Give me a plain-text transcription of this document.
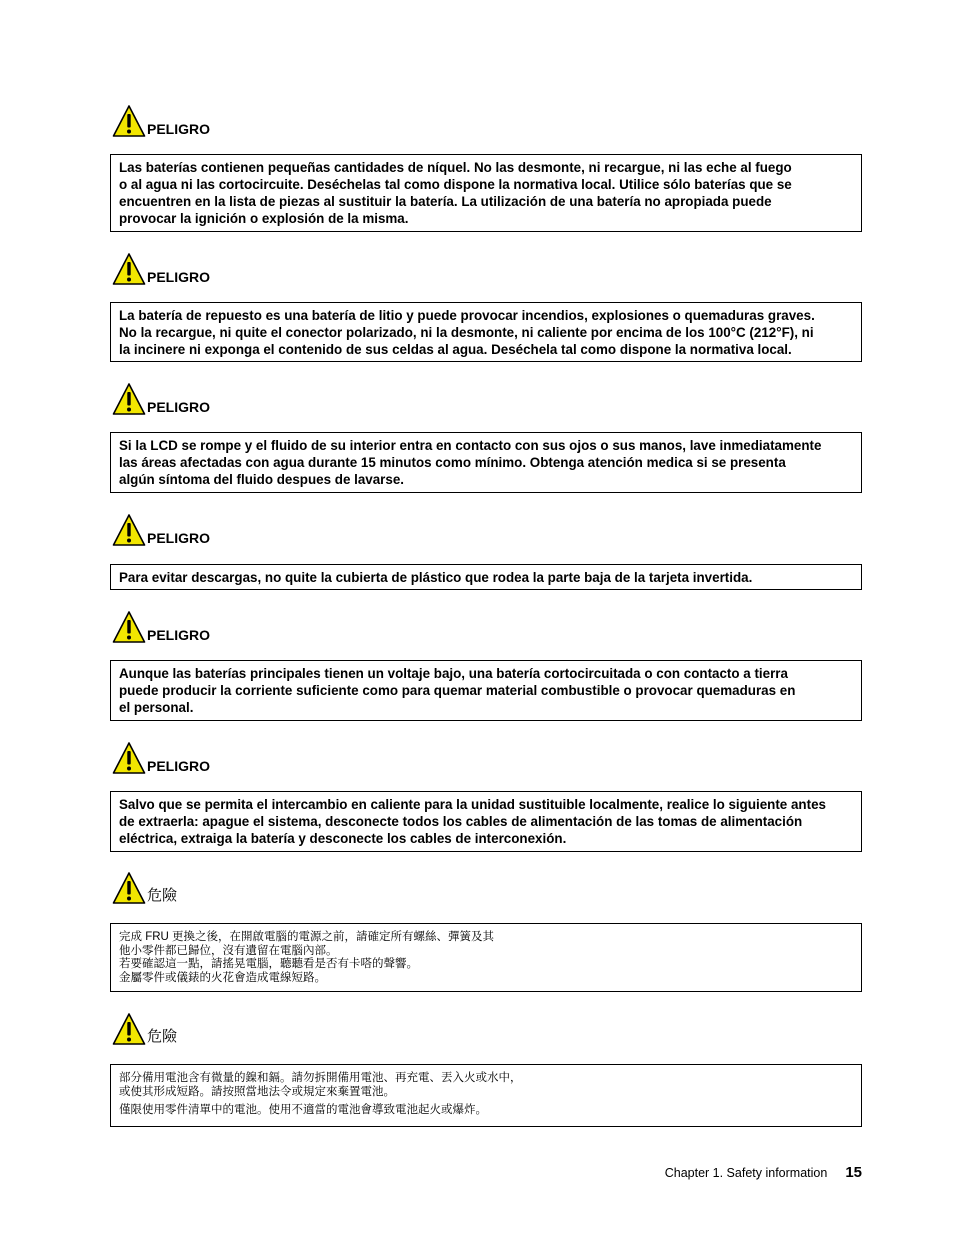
PELIGRO
Las baterías contienen pequeñas cantidades de níquel. No las desmonte, ni recargue, ni las eche al fuego
o al agua ni las cortocircuite. Deséchelas tal como dispone la normativa local. Utilice sólo baterías que se
encuentren en la lista de piezas al sustituir la batería. La utilización de una batería no apropiada puede
provocar la ignición o explosión de la misma.
PELIGRO
La batería de repuesto es una batería de litio y puede provocar incendios, explosiones o quemaduras graves.
No la recargue, ni quite el conector polarizado, ni la desmonte, ni caliente por encima de los 100°C (212°F), ni
la incinere ni exponga el contenido de sus celdas al agua. Deséchela tal como dispone la normativa local.
PELIGRO
Si la LCD se rompe y el fluido de su interior entra en contacto con sus ojos o sus manos, lave inmediatamente
las áreas afectadas con agua durante 15 minutos como mínimo. Obtenga atención medica si se presenta
algún síntoma del fluido despues de lavarse.
PELIGRO
Para evitar descargas, no quite la cubierta de plástico que rodea la parte baja de la tarjeta invertida.
PELIGRO
Aunque las baterías principales tienen un voltaje bajo, una batería cortocircuitada o con contacto a tierra
puede producir la corriente suficiente como para quemar material combustible o provocar quemaduras en
el personal.
PELIGRO
Salvo que se permita el intercambio en caliente para la unidad sustituible localmente, realice lo siguiente antes
de extraerla: apague el sistema, desconecte todos los cables de alimentación de las tomas de alimentación
eléctrica, extraiga la batería y desconecte los cables de interconexión.
危險
完成 FRU 更換之後，在開啟電腦的電源之前，請確定所有螺絲、彈簧及其
他小零件都已歸位，沒有遺留在電腦內部。
若要確認這一點，請搖晃電腦，聽聽看是否有卡嗒的聲響。
金屬零件或儀錶的火花會造成電線短路。
危險
部分備用電池含有微量的鎳和鎘。請勿拆開備用電池、再充電、丟入火或水中，
或使其形成短路。請按照當地法令或規定來棄置電池。
僅限使用零件清單中的電池。使用不適當的電池會導致電池起火或爆炸。
Chapter 1. Safety information 15
